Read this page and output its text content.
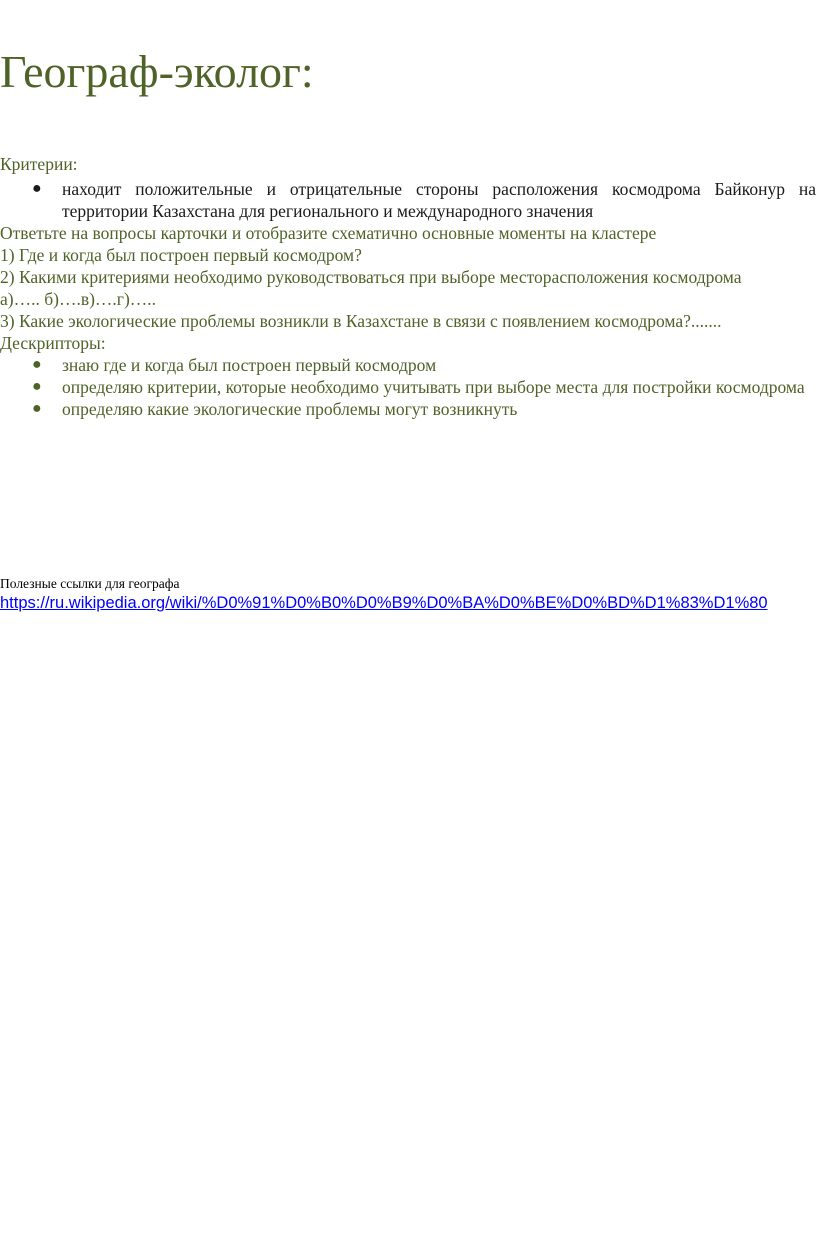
Географ-эколог:

Критерии:

● находит положительные и отрицательные стороны расположения космодрома Байконур на территории Казахстана для регионального и международного значения

Ответьте на вопросы карточки и отобразите схематично основные моменты на кластере

1) Где и когда был построен первый космодром?

2) Какими критериями необходимо руководствоваться при выборе месторасположения космодрома

а)….. б)….в)….г)…..

3) Какие экологические проблемы возникли в Казахстане в связи с появлением космодрома?.......

Дескрипторы:

● знаю где и когда был построен первый космодром
● определяю критерии, которые необходимо учитывать при выборе места для постройки космодрома
● определяю какие экологические проблемы могут возникнуть
Полезные ссылки для географа
https://ru.wikipedia.org/wiki/%D0%91%D0%B0%D0%B9%D0%BA%D0%BE%D0%BD%D1%83%D1%80
